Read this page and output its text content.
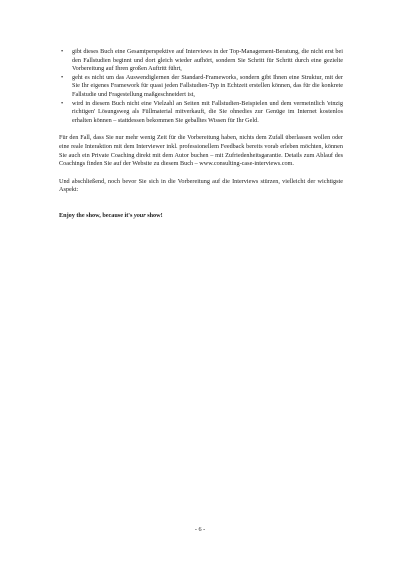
• gibt dieses Buch eine Gesamtperspektive auf Interviews in der Top-Management-Beratung, die nicht erst bei den Fallstudien beginnt und dort gleich wieder aufhört, sondern Sie Schritt für Schritt durch eine gezielte Vorbereitung auf Ihren großen Auftritt führt,
• geht es nicht um das Auswendiglernen der Standard-Frameworks, sondern gibt Ihnen eine Struktur, mit der Sie Ihr eigenes Framework für quasi jeden Fallstudien-Typ in Echtzeit erstellen können, das für die konkrete Fallstudie und Fragestellung maßgeschneidert ist,
• wird in diesem Buch nicht eine Vielzahl an Seiten mit Fallstudien-Beispielen und dem vermeintlich 'einzig richtigen' Lösungsweg als Füllmaterial mitverkauft, die Sie ohnedies zur Genüge im Internet kostenlos erhalten können – stattdessen bekommen Sie geballtes Wissen für Ihr Geld.

Für den Fall, dass Sie nur mehr wenig Zeit für die Vorbereitung haben, nichts dem Zufall überlassen wollen oder eine reale Interaktion mit dem Interviewer inkl. professionellem Feedback bereits vorab erleben möchten, können Sie auch ein Private Coaching direkt mit dem Autor buchen – mit Zufriedenheitsgarantie. Details zum Ablauf des Coachings finden Sie auf der Website zu diesem Buch – www.consulting-case-interviews.com.

Und abschließend, noch bevor Sie sich in die Vorbereitung auf die Interviews stürzen, vielleicht der wichtigste Aspekt:

Enjoy the show, because it's your show!

- 6 -
